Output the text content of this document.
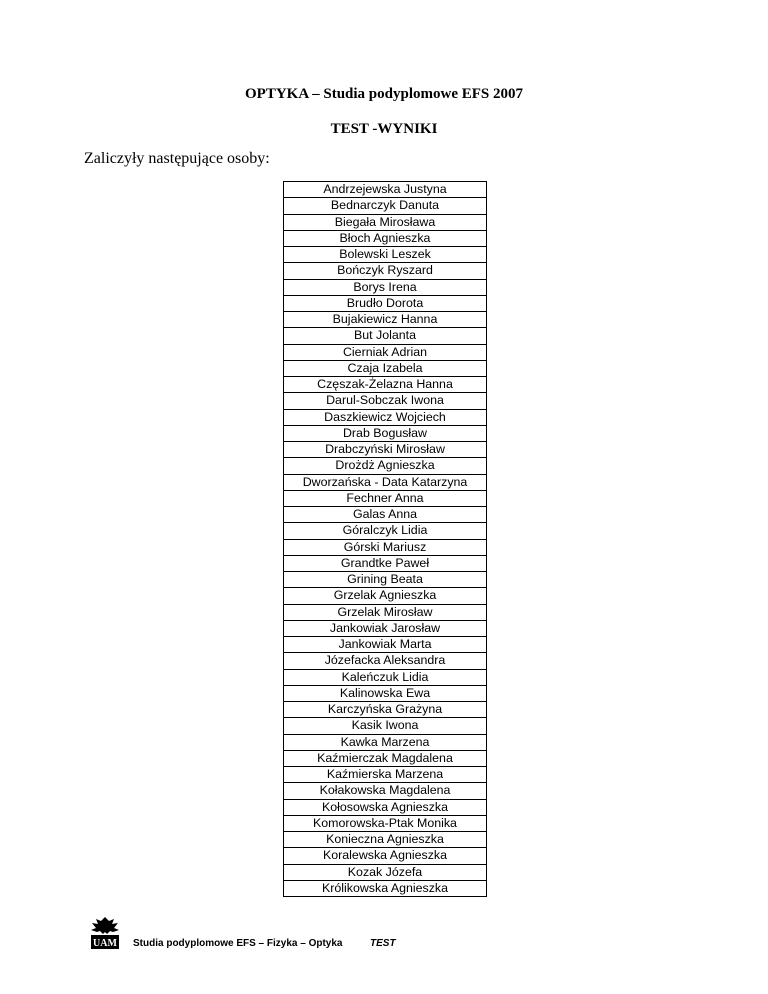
OPTYKA – Studia podyplomowe EFS 2007
TEST -WYNIKI

Zaliczyły następujące osoby:

Andrzejewska Justyna
Bednarczyk Danuta
Biegała Mirosława
Błoch Agnieszka
Bolewski Leszek
Bończyk Ryszard
Borys Irena
Brudło Dorota
Bujakiewicz Hanna
But Jolanta
Cierniak Adrian
Czaja Izabela
Częszak-Żelazna Hanna
Darul-Sobczak Iwona
Daszkiewicz Wojciech
Drab Bogusław
Drabczyński Mirosław
Drożdż Agnieszka
Dworzańska - Data Katarzyna
Fechner Anna
Galas Anna
Góralczyk Lidia
Górski Mariusz
Grandtke Paweł
Grining Beata
Grzelak Agnieszka
Grzelak Mirosław
Jankowiak Jarosław
Jankowiak Marta
Józefacka Aleksandra
Kaleńczuk Lidia
Kalinowska Ewa
Karczyńska Grażyna
Kasik Iwona
Kawka Marzena
Kaźmierczak Magdalena
Kaźmierska Marzena
Kołakowska Magdalena
Kołosowska Agnieszka
Komorowska-Ptak Monika
Konieczna Agnieszka
Koralewska Agnieszka
Kozak Józefa
Królikowska Agnieszka
UAM Studia podyplomowe EFS – Fizyka – Optyka	TEST
